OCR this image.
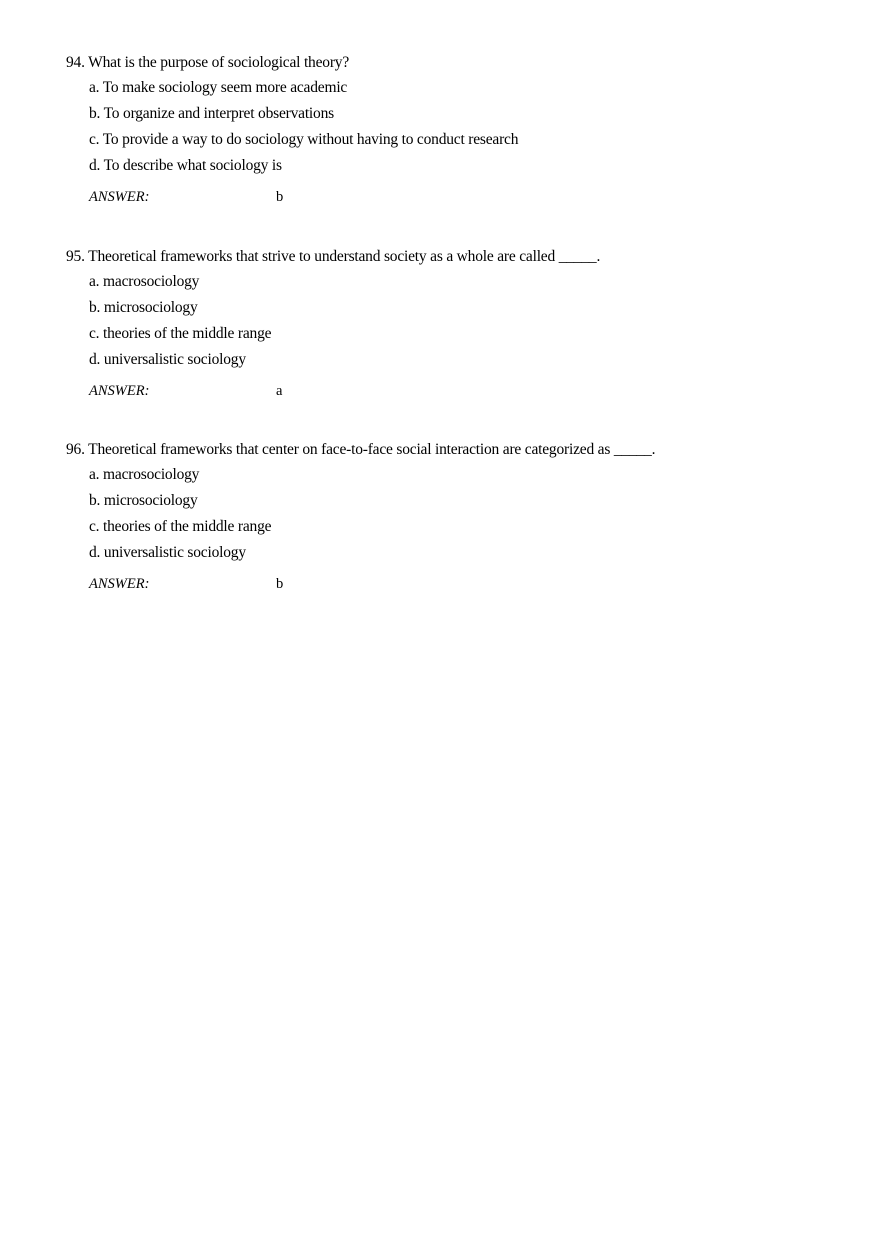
94. What is the purpose of sociological theory?
a. To make sociology seem more academic
b. To organize and interpret observations
c. To provide a way to do sociology without having to conduct research
d. To describe what sociology is
ANSWER:	b
95. Theoretical frameworks that strive to understand society as a whole are called _____.
a. macrosociology
b. microsociology
c. theories of the middle range
d. universalistic sociology
ANSWER:	a
96. Theoretical frameworks that center on face-to-face social interaction are categorized as _____.
a. macrosociology
b. microsociology
c. theories of the middle range
d. universalistic sociology
ANSWER:	b
